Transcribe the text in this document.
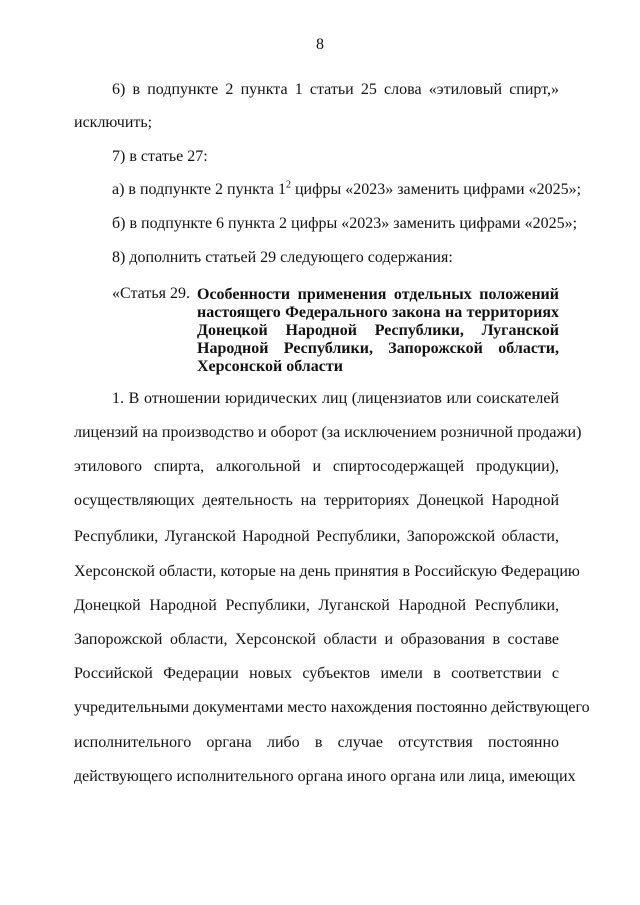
8
6) в подпункте 2 пункта 1 статьи 25 слова «этиловый спирт,»
исключить;
7) в статье 27:
а) в подпункте 2 пункта $1^2$ цифры «2023» заменить цифрами «2025»;
б) в подпункте 6 пункта 2 цифры «2023» заменить цифрами «2025»;
8) дополнить статьей 29 следующего содержания:
«Статья 29. Особенности применения отдельных положений настоящего Федерального закона на территориях Донецкой Народной Республики, Луганской Народной Республики, Запорожской области, Херсонской области
1. В отношении юридических лиц (лицензиатов или соискателей
лицензий на производство и оборот (за исключением розничной продажи)
этилового спирта, алкогольной и спиртосодержащей продукции),
осуществляющих деятельность на территориях Донецкой Народной
Республики, Луганской Народной Республики, Запорожской области,
Херсонской области, которые на день принятия в Российскую Федерацию
Донецкой Народной Республики, Луганской Народной Республики,
Запорожской области, Херсонской области и образования в составе
Российской Федерации новых субъектов имели в соответствии с
учредительными документами место нахождения постоянно действующего
исполнительного органа либо в случае отсутствия постоянно
действующего исполнительного органа иного органа или лица, имеющих
